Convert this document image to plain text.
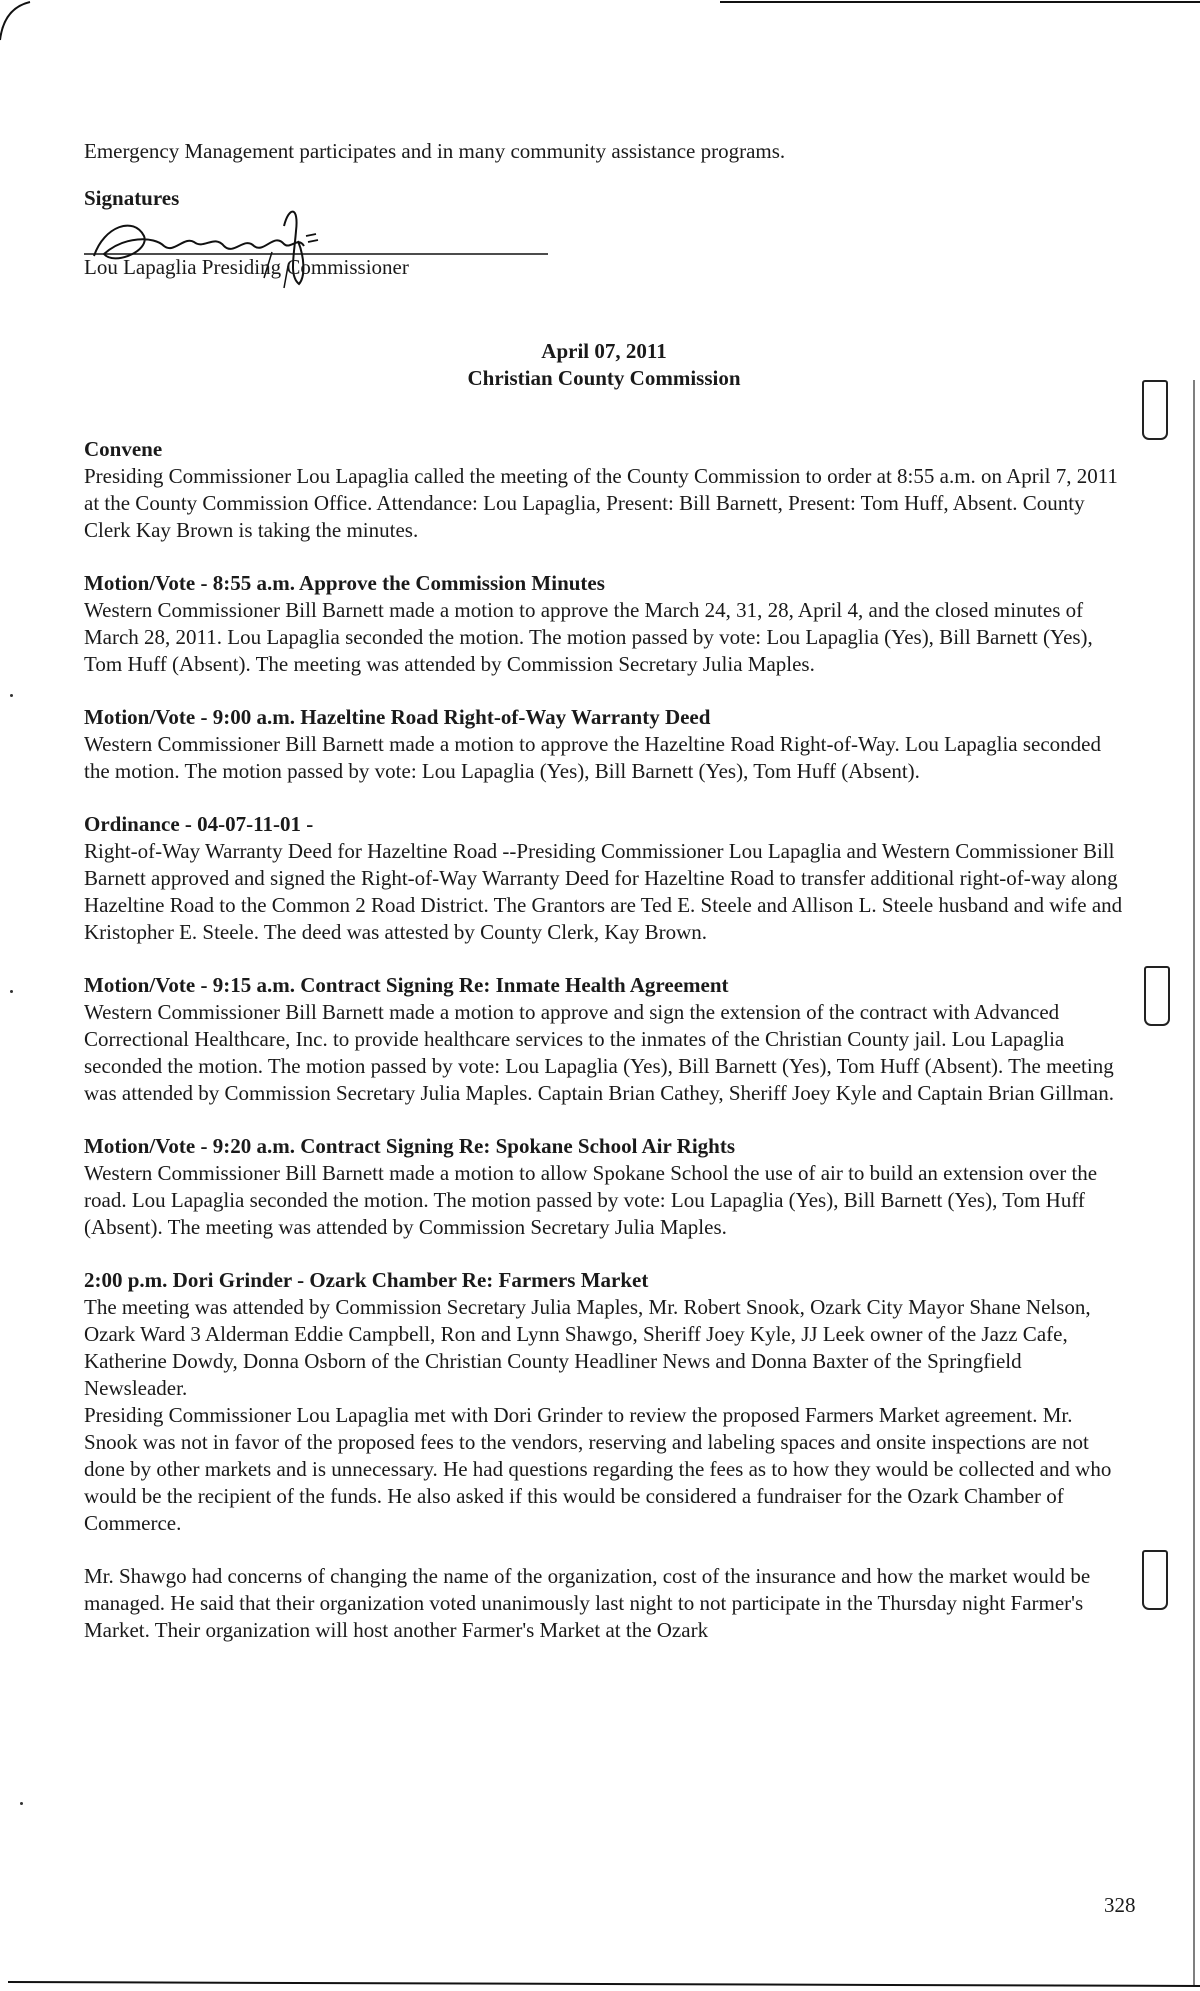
Emergency Management participates and in many community assistance programs.

Signatures

Lou Lapaglia Presiding Commissioner
April 07, 2011
Christian County Commission

Convene

Presiding Commissioner Lou Lapaglia called the meeting of the County Commission to order at 8:55 a.m. on April 7, 2011 at the County Commission Office. Attendance: Lou Lapaglia, Present: Bill Barnett, Present: Tom Huff, Absent. County Clerk Kay Brown is taking the minutes.

Motion/Vote - 8:55 a.m. Approve the Commission Minutes

Western Commissioner Bill Barnett made a motion to approve the March 24, 31, 28, April 4, and the closed minutes of March 28, 2011. Lou Lapaglia seconded the motion. The motion passed by vote: Lou Lapaglia (Yes), Bill Barnett (Yes), Tom Huff (Absent). The meeting was attended by Commission Secretary Julia Maples.

Motion/Vote - 9:00 a.m. Hazeltine Road Right-of-Way Warranty Deed

Western Commissioner Bill Barnett made a motion to approve the Hazeltine Road Right-of-Way. Lou Lapaglia seconded the motion. The motion passed by vote: Lou Lapaglia (Yes), Bill Barnett (Yes), Tom Huff (Absent).

Ordinance - 04-07-11-01 -

Right-of-Way Warranty Deed for Hazeltine Road --Presiding Commissioner Lou Lapaglia and Western Commissioner Bill Barnett approved and signed the Right-of-Way Warranty Deed for Hazeltine Road to transfer additional right-of-way along Hazeltine Road to the Common 2 Road District. The Grantors are Ted E. Steele and Allison L. Steele husband and wife and Kristopher E. Steele. The deed was attested by County Clerk, Kay Brown.

Motion/Vote - 9:15 a.m. Contract Signing Re: Inmate Health Agreement

Western Commissioner Bill Barnett made a motion to approve and sign the extension of the contract with Advanced Correctional Healthcare, Inc. to provide healthcare services to the inmates of the Christian County jail. Lou Lapaglia seconded the motion. The motion passed by vote: Lou Lapaglia (Yes), Bill Barnett (Yes), Tom Huff (Absent). The meeting was attended by Commission Secretary Julia Maples. Captain Brian Cathey, Sheriff Joey Kyle and Captain Brian Gillman.

Motion/Vote - 9:20 a.m. Contract Signing Re: Spokane School Air Rights

Western Commissioner Bill Barnett made a motion to allow Spokane School the use of air to build an extension over the road. Lou Lapaglia seconded the motion. The motion passed by vote: Lou Lapaglia (Yes), Bill Barnett (Yes), Tom Huff (Absent). The meeting was attended by Commission Secretary Julia Maples.

2:00 p.m. Dori Grinder - Ozark Chamber Re: Farmers Market

The meeting was attended by Commission Secretary Julia Maples, Mr. Robert Snook, Ozark City Mayor Shane Nelson, Ozark Ward 3 Alderman Eddie Campbell, Ron and Lynn Shawgo, Sheriff Joey Kyle, JJ Leek owner of the Jazz Cafe, Katherine Dowdy, Donna Osborn of the Christian County Headliner News and Donna Baxter of the Springfield Newsleader.

Presiding Commissioner Lou Lapaglia met with Dori Grinder to review the proposed Farmers Market agreement. Mr. Snook was not in favor of the proposed fees to the vendors, reserving and labeling spaces and onsite inspections are not done by other markets and is unnecessary. He had questions regarding the fees as to how they would be collected and who would be the recipient of the funds. He also asked if this would be considered a fundraiser for the Ozark Chamber of Commerce.

Mr. Shawgo had concerns of changing the name of the organization, cost of the insurance and how the market would be managed. He said that their organization voted unanimously last night to not participate in the Thursday night Farmer's Market. Their organization will host another Farmer's Market at the Ozark

328
